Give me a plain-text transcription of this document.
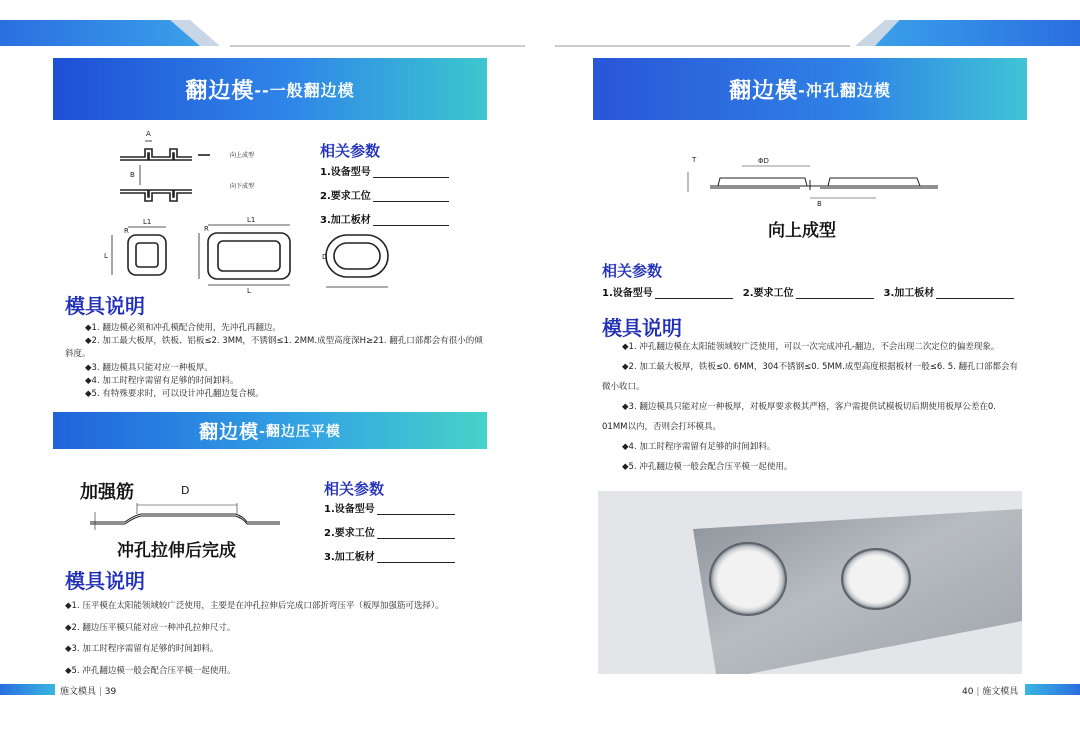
翻边模 --一般翻边模
A
B
L1	L1
R	R
L
L
向上成型
向下成型
D
相关参数
1.设备型号
2.要求工位
3.加工板材
模具说明

◆1. 翻边模必须和冲孔模配合使用，先冲孔再翻边。

◆2. 加工最大板厚，铁板、铝板≤2. 3MM，不锈钢≤1. 2MM.成型高度深H≥21. 翻孔口部都会有很小的倾斜度。

◆3. 翻边模具只能对应一种板厚。

◆4. 加工时程序需留有足够的时间卸料。

◆5. 有特殊要求时，可以设计冲孔翻边复合模。

翻边模 -翻边压平模
加强筋	D
冲孔拉伸后完成
相关参数
1.设备型号
2.要求工位
3.加工板材
模具说明

◆1. 压平模在太阳能领域较广泛使用，主要是在冲孔拉伸后完成口部折弯压平（板厚加强筋可选择）。

◆2. 翻边压平模只能对应一种冲孔拉伸尺寸。

◆3. 加工时程序需留有足够的时间卸料。

◆5. 冲孔翻边模一般会配合压平模一起使用。

施文模具 | 39
翻边模 -冲孔翻边模
T	ΦD
B
向上成型
相关参数
1.设备型号	2.要求工位	3.加工板材
模具说明

◆1. 冲孔翻边模在太阳能领域较广泛使用，可以一次完成冲孔-翻边，不会出现二次定位的偏差现象。

◆2. 加工最大板厚，铁板≤0. 6MM，304不锈钢≤0. 5MM.成型高度根据板材一般≤6. 5. 翻孔口部都会有微小收口。

◆3. 翻边模具只能对应一种板厚，对板厚要求极其严格，客户需提供试模板切后期使用板厚公差在0. 01MM以内，否则会打坏模具。

◆4. 加工时程序需留有足够的时间卸料。

◆5. 冲孔翻边模一般会配合压平模一起使用。

40 | 施文模具
